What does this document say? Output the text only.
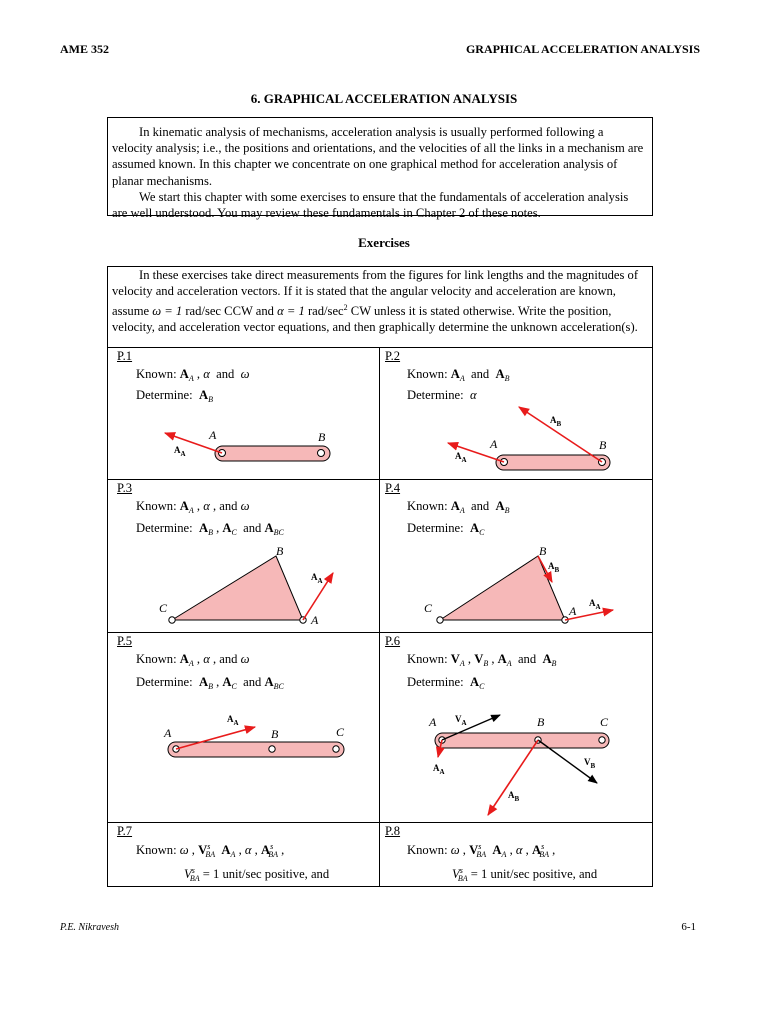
AME 352	GRAPHICAL ACCELERATION ANALYSIS
6. GRAPHICAL ACCELERATION ANALYSIS

In kinematic analysis of mechanisms, acceleration analysis is usually performed following a velocity analysis; i.e., the positions and orientations, and the velocities of all the links in a mechanism are assumed known. In this chapter we concentrate on one graphical method for acceleration analysis of planar mechanisms.

We start this chapter with some exercises to ensure that the fundamentals of acceleration analysis are well understood. You may review these fundamentals in Chapter 2 of these notes.

Exercises

In these exercises take direct measurements from the figures for link lengths and the magnitudes of velocity and acceleration vectors. If it is stated that the angular velocity and acceleration are known, assume ω = 1 rad/sec CCW and α = 1 rad/$\sec^2$ CW unless it is stated otherwise. Write the position, velocity, and acceleration vector equations, and then graphically determine the unknown acceleration(s).

P.1
Known: $A_A$ , α and ω
Determine: $A_B$
P.2
Known: $A_A$ and $A_B$
Determine: α
P.3
Known: $A_A$ , α , and ω
Determine: $A_B$ , $A_C$ and $A_{BC}$
P.4
Known: $A_A$ and $A_B$
Determine: $A_C$
P.5
Known: $A_A$ , α , and ω
Determine: $A_B$ , $A_C$ and $A_{BC}$
P.6
Known: $V_A$ , $V_B$ , $A_A$ and $A_B$
Determine: $A_C$
P.7
Known: ω , $V^s_{BA}$ $A_A$ , α , $A^s_{BA}$ ,
$V^s_{BA} = 1$ unit/sec positive, and
P.8
Known: ω , $V^s_{BA}$ $A_A$ , α , $A^s_{BA}$ ,
$V^s_{BA} = 1$ unit/sec positive, and
A	B
$A_A$
A	B
$A_A$
$A_B$
B
C
A
$A_A$
B
C	A
$A_B$
$A_A$
A	B	C
$A_A$	A	B	C
$V_A$
$A_A$
$V_B$
$A_B$
P.E. Nikravesh	6-1
